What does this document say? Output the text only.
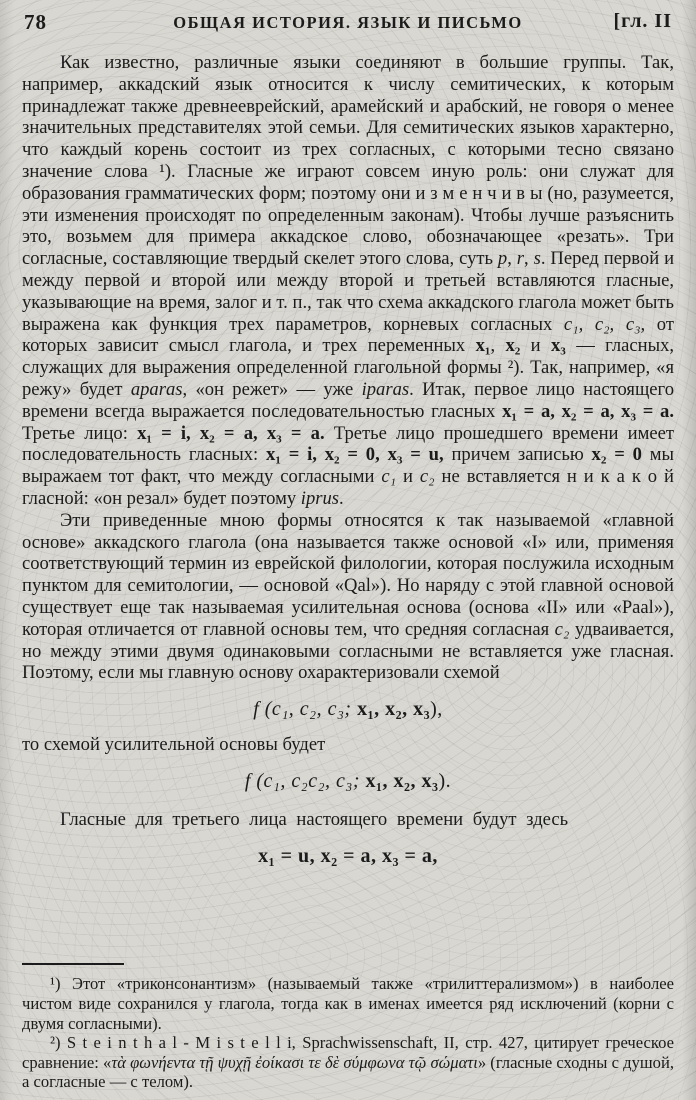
78	ОБЩАЯ ИСТОРИЯ. ЯЗЫК И ПИСЬМО	[гл. II

Как известно, различные языки соединяют в большие группы. Так, например, аккадский язык относится к числу семитических, к которым принадлежат также древнееврейский, арамейский и арабский, не говоря о менее значительных представителях этой семьи. Для семитических языков характерно, что каждый корень состоит из трех согласных, с которыми тесно связано значение слова ¹). Гласные же играют совсем иную роль: они служат для образования грамматических форм; поэтому они и з м е н ч и в ы (но, разумеется, эти изменения происходят по определенным законам). Чтобы лучше разъяснить это, возьмем для примера аккадское слово, обозначающее «резать». Три согласные, составляющие твердый скелет этого слова, суть p, r, s. Перед первой и между первой и второй или между второй и третьей вставляются гласные, указывающие на время, залог и т. п., так что схема аккадского глагола может быть выражена как функция трех параметров, корневых согласных c₁, c₂, c₃, от которых зависит смысл глагола, и трех переменных x₁, x₂ и x₃ — гласных, служащих для выражения определенной глагольной формы ²). Так, например, «я режу» будет aparas, «он режет» — уже iparas. Итак, первое лицо настоящего времени всегда выражается последовательностью гласных x₁ = a, x₂ = a, x₃ = a. Третье лицо: x₁ = i, x₂ = a, x₃ = a. Третье лицо прошедшего времени имеет последовательность гласных: x₁ = i, x₂ = 0, x₃ = u, причем записью x₂ = 0 мы выражаем тот факт, что между согласными c₁ и c₂ не вставляется н и к а к о й гласной: «он резал» будет поэтому iprus.

Эти приведенные мною формы относятся к так называемой «главной основе» аккадского глагола (она называется также основой «I» или, применяя соответствующий термин из еврейской филологии, которая послужила исходным пунктом для семитологии, — основой «Qal»). Но наряду с этой главной основой существует еще так называемая усилительная основа (основа «II» или «Paal»), которая отличается от главной основы тем, что средняя согласная c₂ удваивается, но между этими двумя одинаковыми согласными не вставляется уже гласная. Поэтому, если мы главную основу охарактеризовали схемой

f (c₁, c₂, c₃; x₁, x₂, x₃),

то схемой усилительной основы будет

f (c₁, c₂c₂, c₃; x₁, x₂, x₃).

Гласные для третьего лица настоящего времени будут здесь

x₁ = u, x₂ = a, x₃ = a,

¹) Этот «триконсонантизм» (называемый также «трилиттерализмом») в наиболее чистом виде сохранился у глагола, тогда как в именах имеется ряд исключений (корни с двумя согласными).

²) S t e i n t h a l - M i s t e l l i, Sprachwissenschaft, II, стр. 427, цитирует греческое сравнение: «τὰ φωνήεντα τῇ ψυχῇ ἐοίκασι τε δὲ σύμφωνα τῷ σώματι» (гласные сходны с душой, а согласные — с телом).
